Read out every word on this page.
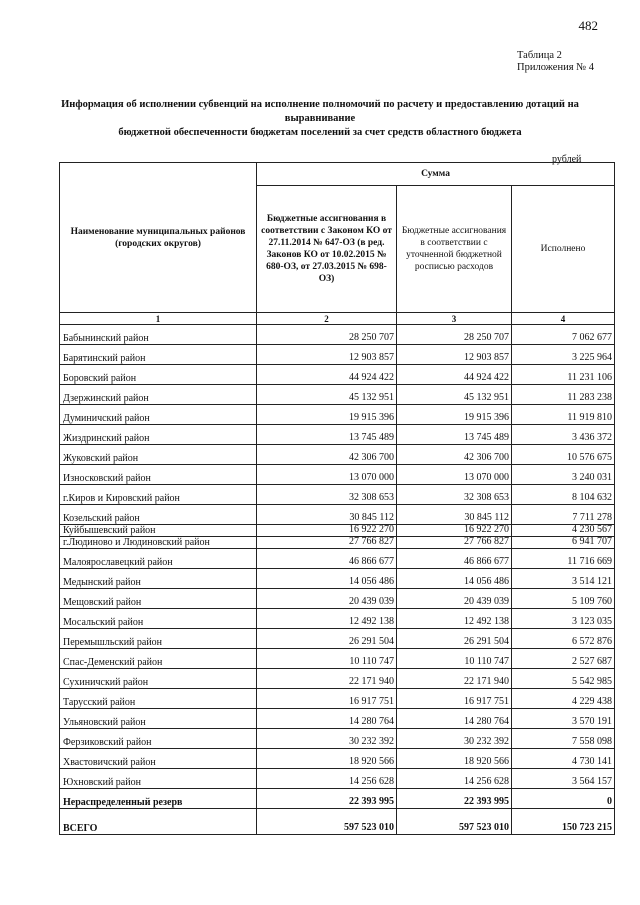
482
Таблица 2
Приложения № 4
Информация об исполнении субвенций на исполнение полномочий по расчету и предоставлению дотаций на выравнивание
бюджетной обеспеченности бюджетам поселений за счет средств областного бюджета
рублей
Наименование муниципальных районов (городских округов)	Сумма		
	Бюджетные ассигнования в соответствии с Законом КО от 27.11.2014 № 647-ОЗ (в ред. Законов КО от 10.02.2015 № 680-ОЗ, от 27.03.2015 № 698-ОЗ)	Бюджетные ассигнования в соответствии с уточненной бюджетной росписью расходов	Исполнено
1	2	3	4
Бабынинский район	28 250 707	28 250 707	7 062 677
Барятинский район	12 903 857	12 903 857	3 225 964
Боровский район	44 924 422	44 924 422	11 231 106
Дзержинский район	45 132 951	45 132 951	11 283 238
Думиничский район	19 915 396	19 915 396	11 919 810
Жиздринский район	13 745 489	13 745 489	3 436 372
Жуковский район	42 306 700	42 306 700	10 576 675
Износковский район	13 070 000	13 070 000	3 240 031
г.Киров и Кировский район	32 308 653	32 308 653	8 104 632
Козельский район	30 845 112	30 845 112	7 711 278
Куйбышевский район	16 922 270	16 922 270	4 230 567
г.Людиново и Людиновский район	27 766 827	27 766 827	6 941 707
Малоярославецкий район	46 866 677	46 866 677	11 716 669
Медынский район	14 056 486	14 056 486	3 514 121
Мещовский район	20 439 039	20 439 039	5 109 760
Мосальский район	12 492 138	12 492 138	3 123 035
Перемышльский район	26 291 504	26 291 504	6 572 876
Спас-Деменский район	10 110 747	10 110 747	2 527 687
Сухиничский район	22 171 940	22 171 940	5 542 985
Тарусский район	16 917 751	16 917 751	4 229 438
Ульяновский район	14 280 764	14 280 764	3 570 191
Ферзиковский район	30 232 392	30 232 392	7 558 098
Хвастовичский район	18 920 566	18 920 566	4 730 141
Юхновский район	14 256 628	14 256 628	3 564 157
Нераспределенный резерв	22 393 995	22 393 995	0
ВСЕГО	597 523 010	597 523 010	150 723 215
